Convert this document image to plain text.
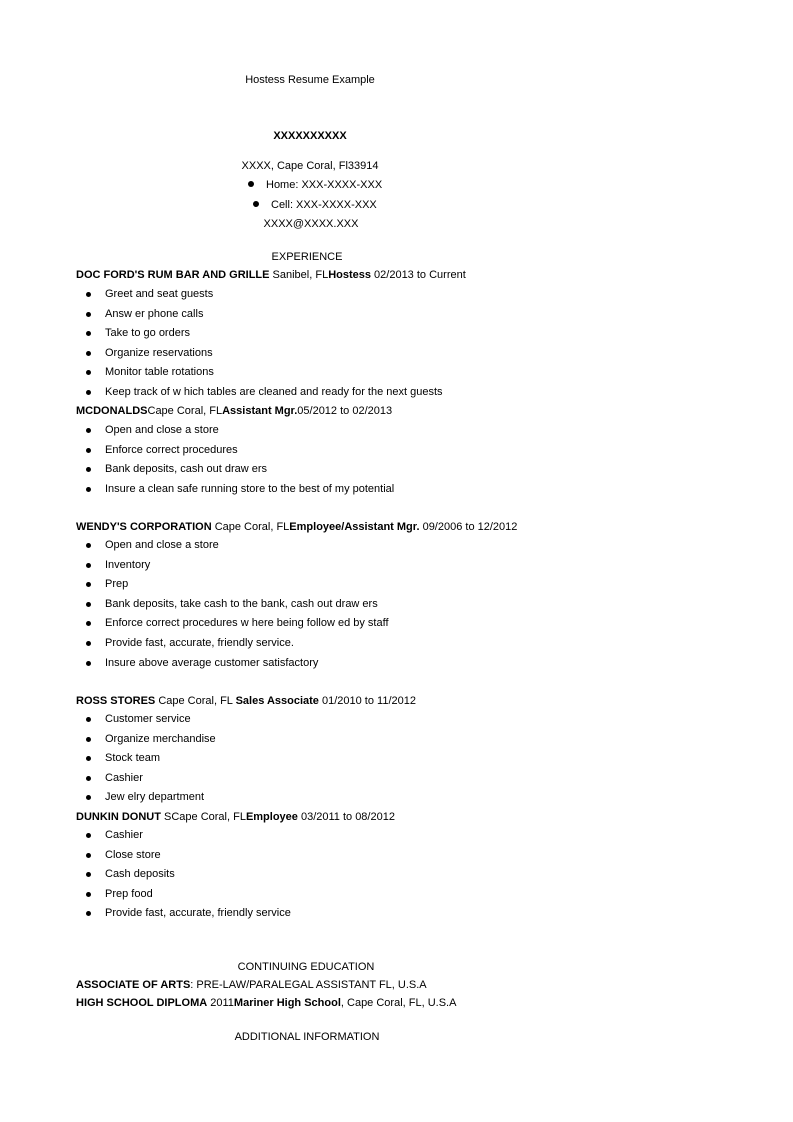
Hostess Resume Example
XXXXXXXXXX
XXXX, Cape Coral, Fl33914
Home: XXX-XXXX-XXX
Cell: XXX-XXXX-XXX
XXXX@XXXX.XXX
EXPERIENCE
DOC FORD'S RUM BAR AND GRILLE Sanibel, FLHostess 02/2013 to Current
Greet and seat guests
Answ er phone calls
Take to go orders
Organize reservations
Monitor table rotations
Keep track of w hich tables are cleaned and ready for the next guests
MCDONALDSCape Coral, FLAssistant Mgr.05/2012 to 02/2013
Open and close a store
Enforce correct procedures
Bank deposits, cash out draw ers
Insure a clean safe running store to the best of my potential
WENDY'S CORPORATION Cape Coral, FLEmployee/Assistant Mgr. 09/2006 to 12/2012
Open and close a store
Inventory
Prep
Bank deposits, take cash to the bank, cash out draw ers
Enforce correct procedures w here being follow ed by staff
Provide fast, accurate, friendly service.
Insure above average customer satisfactory
ROSS STORES Cape Coral, FL Sales Associate 01/2010 to 11/2012
Customer service
Organize merchandise
Stock team
Cashier
Jew elry department
DUNKIN DONUT SCape Coral, FLEmployee 03/2011 to 08/2012
Cashier
Close store
Cash deposits
Prep food
Provide fast, accurate, friendly service
CONTINUING EDUCATION
ASSOCIATE OF ARTS: PRE-LAW/PARALEGAL ASSISTANT FL, U.S.A
HIGH SCHOOL DIPLOMA 2011Mariner High School, Cape Coral, FL, U.S.A
ADDITIONAL INFORMATION
